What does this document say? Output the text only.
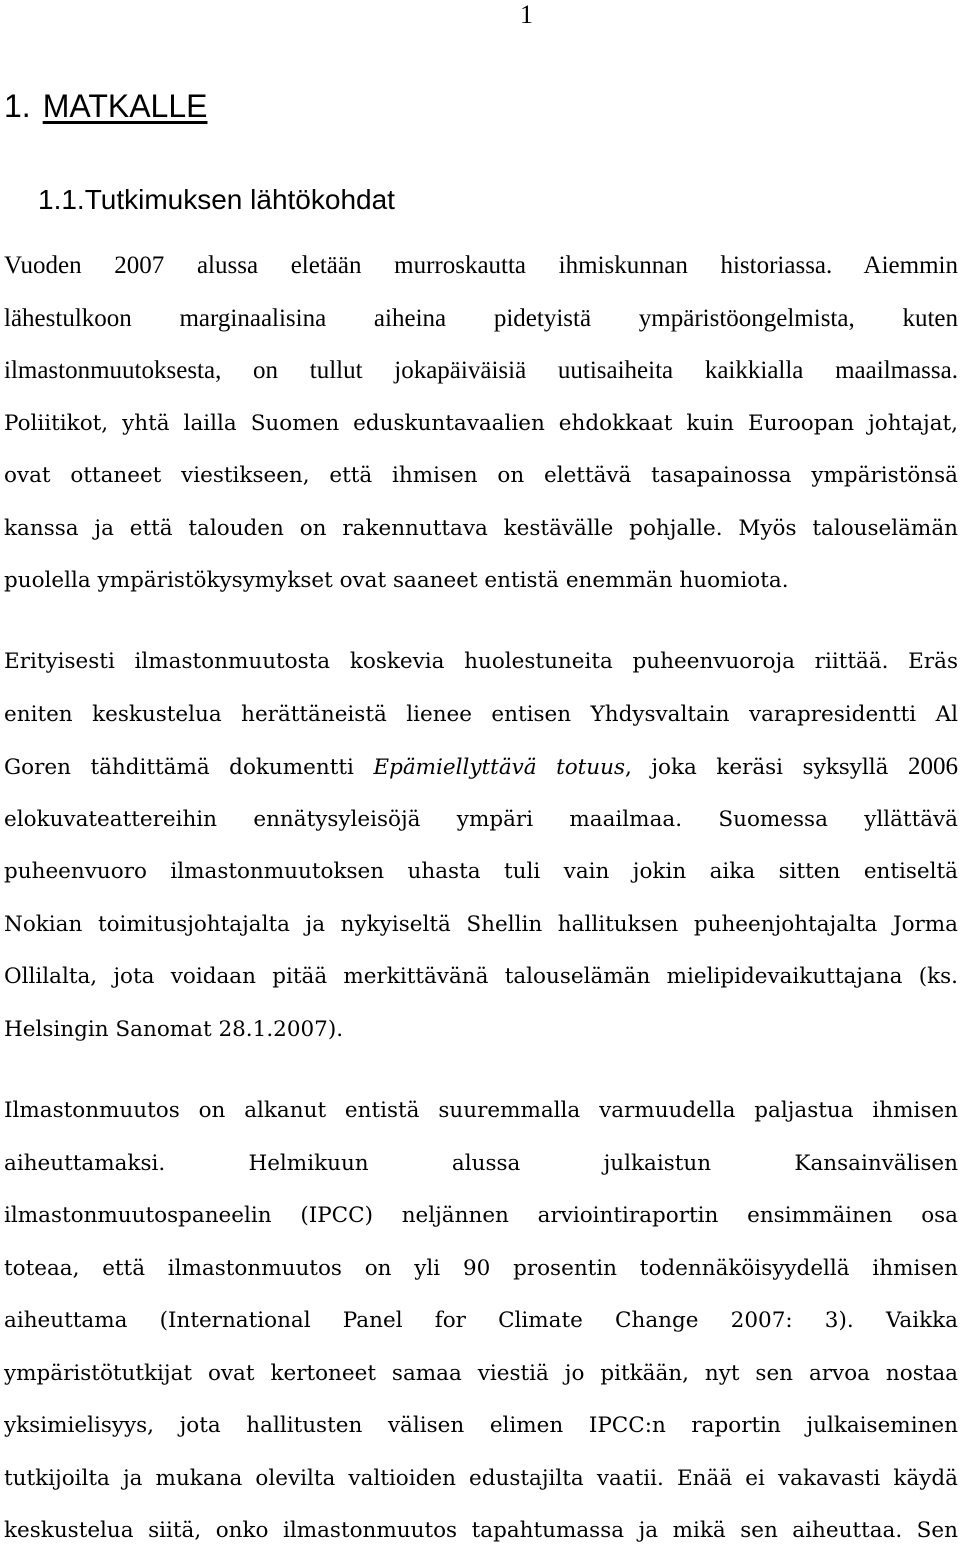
1
1. MATKALLE
1.1.Tutkimuksen lähtökohdat
Vuoden 2007 alussa eletään murroskautta ihmiskunnan historiassa. Aiemmin
lähestulkoon marginaalisina aiheina pidetyistä ympäristöongelmista, kuten
ilmastonmuutoksesta, on tullut jokapäiväisiä uutisaiheita kaikkialla maailmassa.
Poliitikot, yhtä lailla Suomen eduskuntavaalien ehdokkaat kuin Euroopan johtajat,
ovat ottaneet viestikseen, että ihmisen on elettävä tasapainossa ympäristönsä
kanssa ja että talouden on rakennuttava kestävälle pohjalle. Myös talouselämän
puolella ympäristökysymykset ovat saaneet entistä enemmän huomiota.
Erityisesti ilmastonmuutosta koskevia huolestuneita puheenvuoroja riittää. Eräs
eniten keskustelua herättäneistä lienee entisen Yhdysvaltain varapresidentti Al
Goren tähdittämä dokumentti Epämiellyttävä totuus, joka keräsi syksyllä 2006
elokuvateattereihin ennätysyleisöjä ympäri maailmaa. Suomessa yllättävä
puheenvuoro ilmastonmuutoksen uhasta tuli vain jokin aika sitten entiseltä
Nokian toimitusjohtajalta ja nykyiseltä Shellin hallituksen puheenjohtajalta Jorma
Ollilalta, jota voidaan pitää merkittävänä talouselämän mielipidevaikuttajana (ks.
Helsingin Sanomat 28.1.2007).
Ilmastonmuutos on alkanut entistä suuremmalla varmuudella paljastua ihmisen
aiheuttamaksi. Helmikuun alussa julkaistun Kansainvälisen
ilmastonmuutospaneelin (IPCC) neljännen arviointiraportin ensimmäinen osa
toteaa, että ilmastonmuutos on yli 90 prosentin todennäköisyydellä ihmisen
aiheuttama (International Panel for Climate Change 2007: 3). Vaikka
ympäristötutkijat ovat kertoneet samaa viestiä jo pitkään, nyt sen arvoa nostaa
yksimielisyys, jota hallitusten välisen elimen IPCC:n raportin julkaiseminen
tutkijoilta ja mukana olevilta valtioiden edustajilta vaatii. Enää ei vakavasti käydä
keskustelua siitä, onko ilmastonmuutos tapahtumassa ja mikä sen aiheuttaa. Sen
